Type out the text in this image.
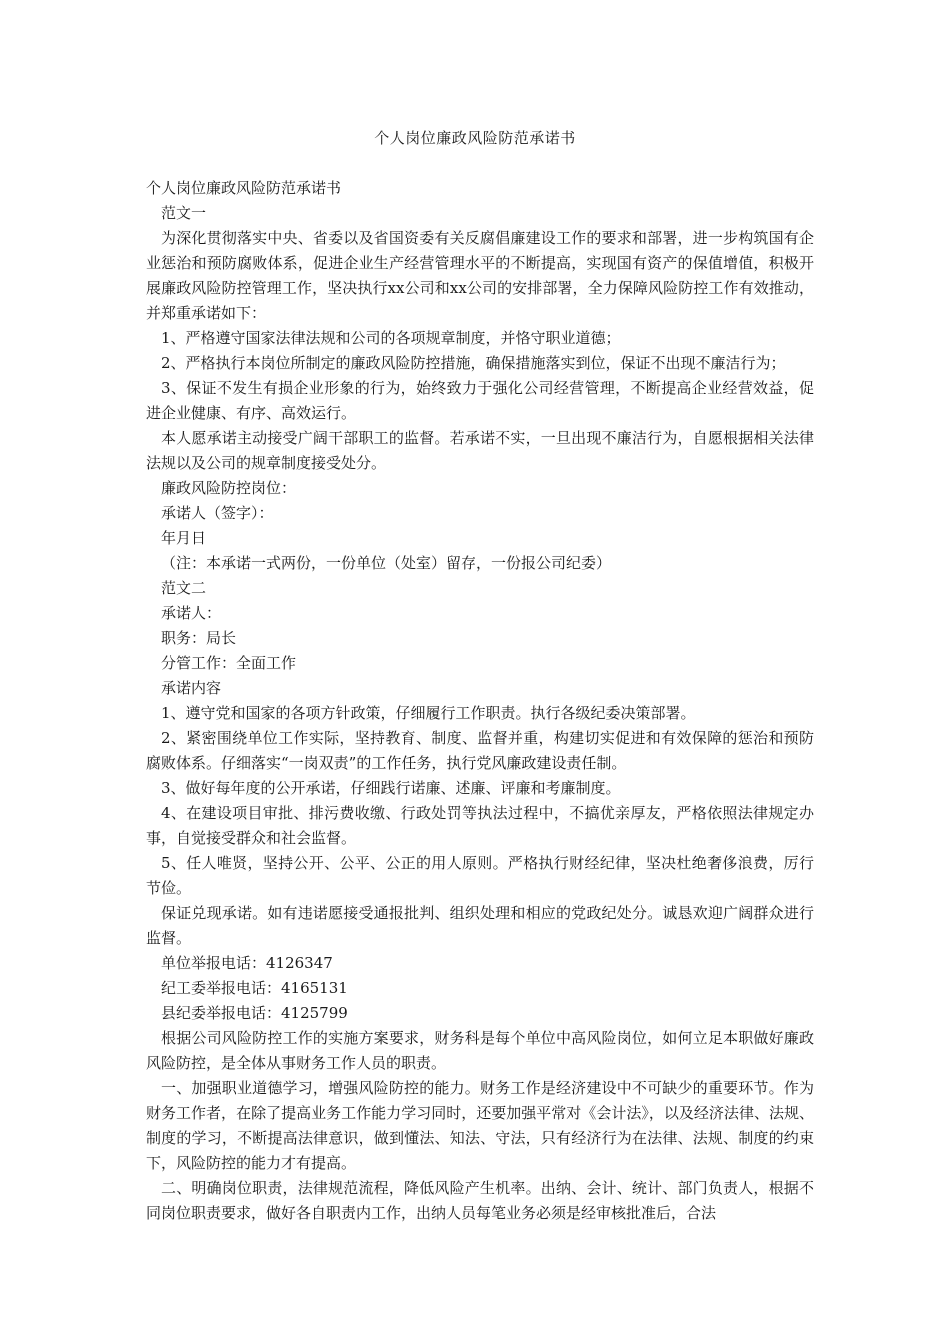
个人岗位廉政风险防范承诺书

个人岗位廉政风险防范承诺书

范文一

为深化贯彻落实中央、省委以及省国资委有关反腐倡廉建设工作的要求和部署，进一步构筑国有企业惩治和预防腐败体系，促进企业生产经营管理水平的不断提高，实现国有资产的保值增值，积极开展廉政风险防控管理工作，坚决执行xx公司和xx公司的安排部署，全力保障风险防控工作有效推动，并郑重承诺如下：

1、严格遵守国家法律法规和公司的各项规章制度，并恪守职业道德；

2、严格执行本岗位所制定的廉政风险防控措施，确保措施落实到位，保证不出现不廉洁行为；

3、保证不发生有损企业形象的行为，始终致力于强化公司经营管理，不断提高企业经营效益，促进企业健康、有序、高效运行。

本人愿承诺主动接受广阔干部职工的监督。若承诺不实，一旦出现不廉洁行为，自愿根据相关法律法规以及公司的规章制度接受处分。

廉政风险防控岗位：

承诺人（签字）：

年月日

（注：本承诺一式两份，一份单位（处室）留存，一份报公司纪委）

范文二

承诺人：

职务：局长

分管工作：全面工作

承诺内容

1、遵守党和国家的各项方针政策，仔细履行工作职责。执行各级纪委决策部署。

2、紧密围绕单位工作实际，坚持教育、制度、监督并重，构建切实促进和有效保障的惩治和预防腐败体系。仔细落实“一岗双责”的工作任务，执行党风廉政建设责任制。

3、做好每年度的公开承诺，仔细践行诺廉、述廉、评廉和考廉制度。

4、在建设项目审批、排污费收缴、行政处罚等执法过程中，不搞优亲厚友，严格依照法律规定办事，自觉接受群众和社会监督。

5、任人唯贤，坚持公开、公平、公正的用人原则。严格执行财经纪律，坚决杜绝奢侈浪费，厉行节俭。

保证兑现承诺。如有违诺愿接受通报批判、组织处理和相应的党政纪处分。诚恳欢迎广阔群众进行监督。

单位举报电话：4126347

纪工委举报电话：4165131

县纪委举报电话：4125799

根据公司风险防控工作的实施方案要求，财务科是每个单位中高风险岗位，如何立足本职做好廉政风险防控，是全体从事财务工作人员的职责。

一、加强职业道德学习，增强风险防控的能力。财务工作是经济建设中不可缺少的重要环节。作为财务工作者，在除了提高业务工作能力学习同时，还要加强平常对《会计法》，以及经济法律、法规、制度的学习，不断提高法律意识，做到懂法、知法、守法，只有经济行为在法律、法规、制度的约束下，风险防控的能力才有提高。

二、明确岗位职责，法律规范流程，降低风险产生机率。出纳、会计、统计、部门负责人，根据不同岗位职责要求，做好各自职责内工作，出纳人员每笔业务必须是经审核批准后，合法
